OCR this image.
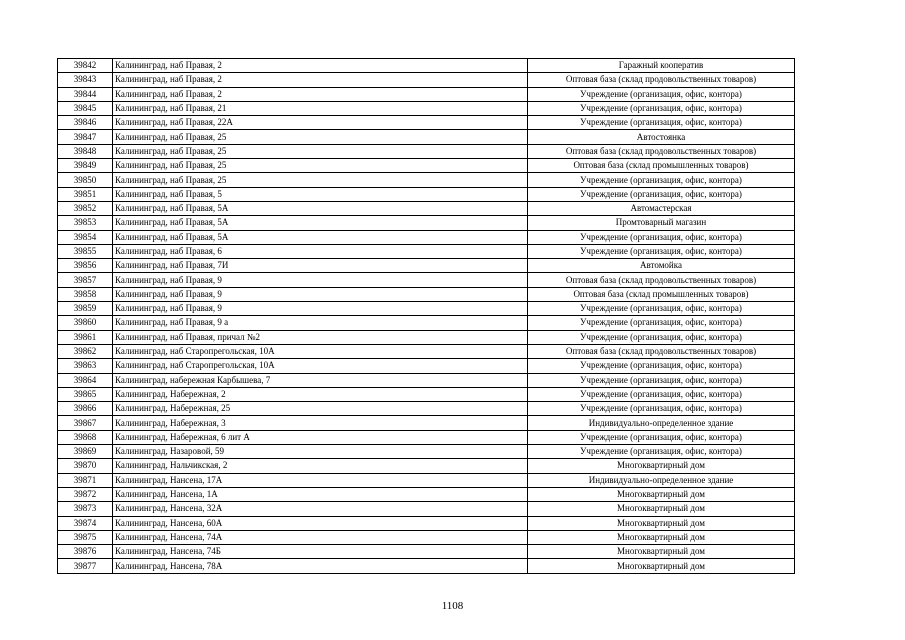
39842	Калининград, наб Правая, 2	Гаражный кооператив
39843	Калининград, наб Правая, 2	Оптовая база (склад продовольственных товаров)
39844	Калининград, наб Правая, 2	Учреждение (организация, офис, контора)
39845	Калининград, наб Правая, 21	Учреждение (организация, офис, контора)
39846	Калининград, наб Правая, 22А	Учреждение (организация, офис, контора)
39847	Калининград, наб Правая, 25	Автостоянка
39848	Калининград, наб Правая, 25	Оптовая база (склад продовольственных товаров)
39849	Калининград, наб Правая, 25	Оптовая база (склад промышленных товаров)
39850	Калининград, наб Правая, 25	Учреждение (организация, офис, контора)
39851	Калининград, наб Правая, 5	Учреждение (организация, офис, контора)
39852	Калининград, наб Правая, 5А	Автомастерская
39853	Калининград, наб Правая, 5А	Промтоварный магазин
39854	Калининград, наб Правая, 5А	Учреждение (организация, офис, контора)
39855	Калининград, наб Правая, 6	Учреждение (организация, офис, контора)
39856	Калининград, наб Правая, 7И	Автомойка
39857	Калининград, наб Правая, 9	Оптовая база (склад продовольственных товаров)
39858	Калининград, наб Правая, 9	Оптовая база (склад промышленных товаров)
39859	Калининград, наб Правая, 9	Учреждение (организация, офис, контора)
39860	Калининград, наб Правая, 9 а	Учреждение (организация, офис, контора)
39861	Калининград, наб Правая, причал №2	Учреждение (организация, офис, контора)
39862	Калининград, наб Старопрегольская, 10А	Оптовая база (склад продовольственных товаров)
39863	Калининград, наб Старопрегольская, 10А	Учреждение (организация, офис, контора)
39864	Калининград, набережная Карбышева, 7	Учреждение (организация, офис, контора)
39865	Калининград, Набережная, 2	Учреждение (организация, офис, контора)
39866	Калининград, Набережная, 25	Учреждение (организация, офис, контора)
39867	Калининград, Набережная, 3	Индивидуально-определенное здание
39868	Калининград, Набережная, 6 лит А	Учреждение (организация, офис, контора)
39869	Калининград, Назаровой, 59	Учреждение (организация, офис, контора)
39870	Калининград, Нальчикская, 2	Многоквартирный дом
39871	Калининград, Нансена, 17А	Индивидуально-определенное здание
39872	Калининград, Нансена, 1А	Многоквартирный дом
39873	Калининград, Нансена, 32А	Многоквартирный дом
39874	Калининград, Нансена, 60А	Многоквартирный дом
39875	Калининград, Нансена, 74А	Многоквартирный дом
39876	Калининград, Нансена, 74Б	Многоквартирный дом
39877	Калининград, Нансена, 78А	Многоквартирный дом
1108
